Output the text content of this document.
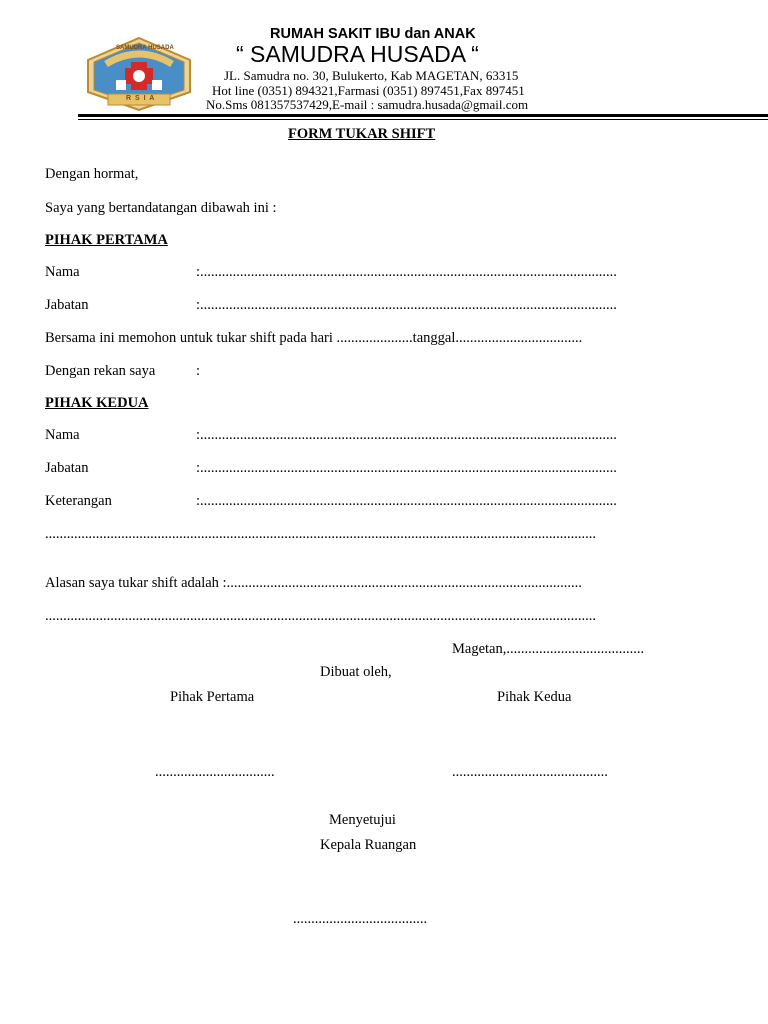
SAMUDRA HUSADA
R S I A
RUMAH SAKIT IBU dan ANAK
“ SAMUDRA HUSADA “
JL. Samudra no. 30, Bulukerto, Kab MAGETAN, 63315
Hot line (0351) 894321,Farmasi (0351) 897451,Fax 897451
No.Sms 081357537429,E-mail : samudra.husada@gmail.com
FORM TUKAR SHIFT
Dengan hormat,
Saya yang bertandatangan dibawah ini :
PIHAK PERTAMA
Nama	:...................................................................................................................
Jabatan	:...................................................................................................................
Bersama ini memohon untuk tukar shift pada hari .....................tanggal...................................
Dengan rekan saya	:
PIHAK KEDUA
Nama	:...................................................................................................................
Jabatan	:...................................................................................................................
Keterangan	:...................................................................................................................
........................................................................................................................................................
Alasan saya tukar shift adalah :..................................................................................................
........................................................................................................................................................
Magetan,......................................
Dibuat oleh,
Pihak Pertama	Pihak Kedua
.................................	...........................................
Menyetujui
Kepala Ruangan
.....................................
